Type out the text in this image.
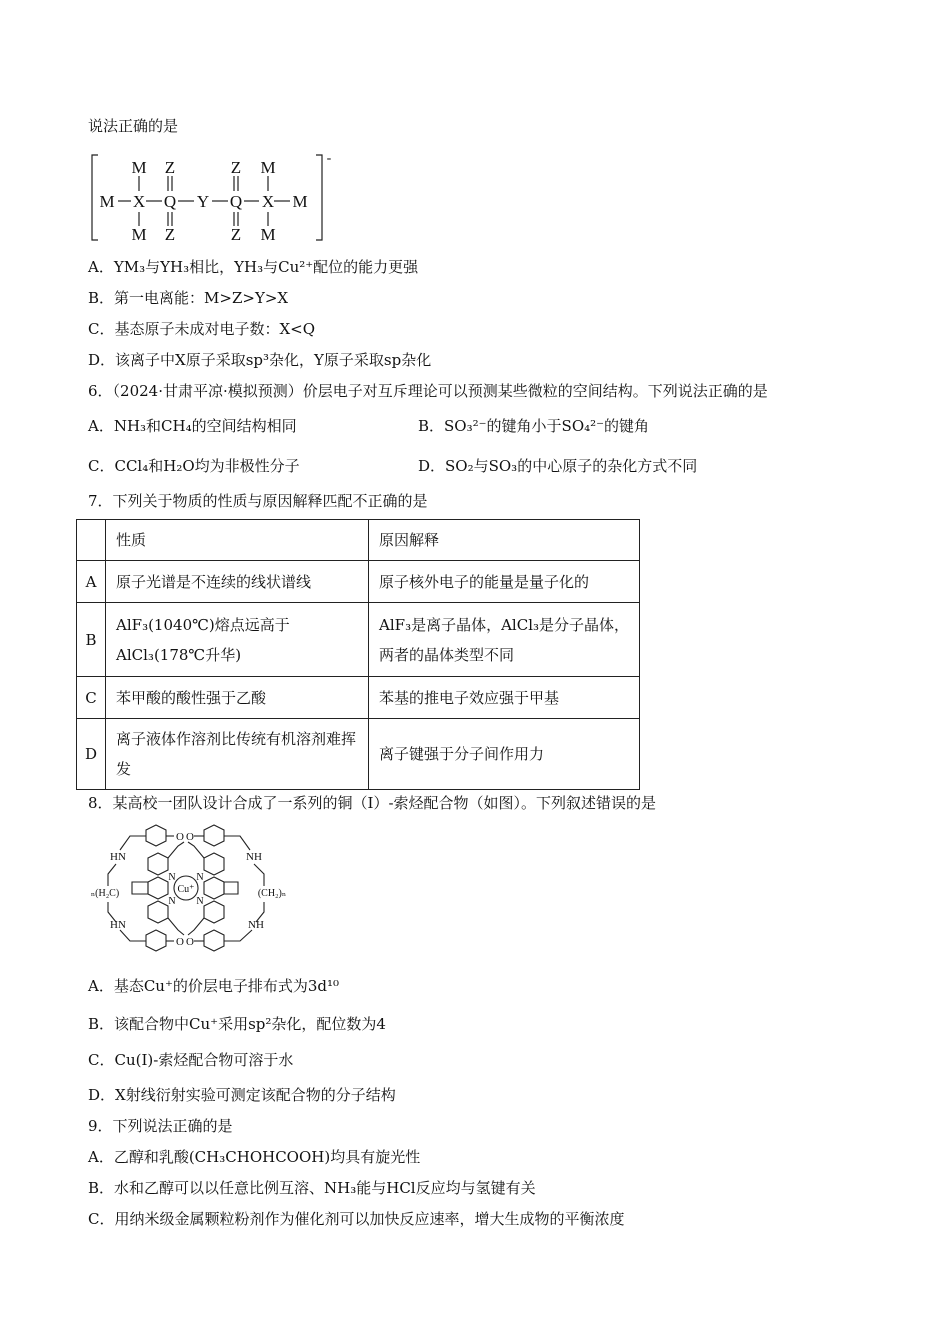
说法正确的是
M Z	Z M
M X Q Y Q X M
M Z	Z M
-
A．YM₃与YH₃相比，YH₃与Cu²⁺配位的能力更强
B．第一电离能：M>Z>Y>X
C．基态原子未成对电子数：X<Q
D．该离子中X原子采取sp³杂化，Y原子采取sp杂化
6．（2024·甘肃平凉·模拟预测）价层电子对互斥理论可以预测某些微粒的空间结构。下列说法正确的是
A．NH₃和CH₄的空间结构相同	B．SO₃²⁻的键角小于SO₄²⁻的键角
C．CCl₄和H₂O均为非极性分子	D．SO₂与SO₃的中心原子的杂化方式不同
7．下列关于物质的性质与原因解释匹配不正确的是
	性质	原因解释
A	原子光谱是不连续的线状谱线	原子核外电子的能量是量子化的
B	AlF₃(1040℃)熔点远高于AlCl₃(178℃升华)	AlF₃是离子晶体，AlCl₃是分子晶体，两者的晶体类型不同
C	苯甲酸的酸性强于乙酸	苯基的推电子效应强于甲基
D	离子液体作溶剂比传统有机溶剂难挥发	离子键强于分子间作用力
8．某高校一团队设计合成了一系列的铜（Ⅰ）-索烃配合物（如图）。下列叙述错误的是
O O
O O
HN	NH
HN	NH
ₙ(H₂C)	(CH₂)ₙ
N
N
N
N
Cu⁺
A．基态Cu⁺的价层电子排布式为3d¹⁰
B．该配合物中Cu⁺采用sp²杂化，配位数为4
C．Cu(I)-索烃配合物可溶于水
D．X射线衍射实验可测定该配合物的分子结构
9．下列说法正确的是
A．乙醇和乳酸(CH₃CHOHCOOH)均具有旋光性
B．水和乙醇可以以任意比例互溶、NH₃能与HCl反应均与氢键有关
C．用纳米级金属颗粒粉剂作为催化剂可以加快反应速率，增大生成物的平衡浓度
